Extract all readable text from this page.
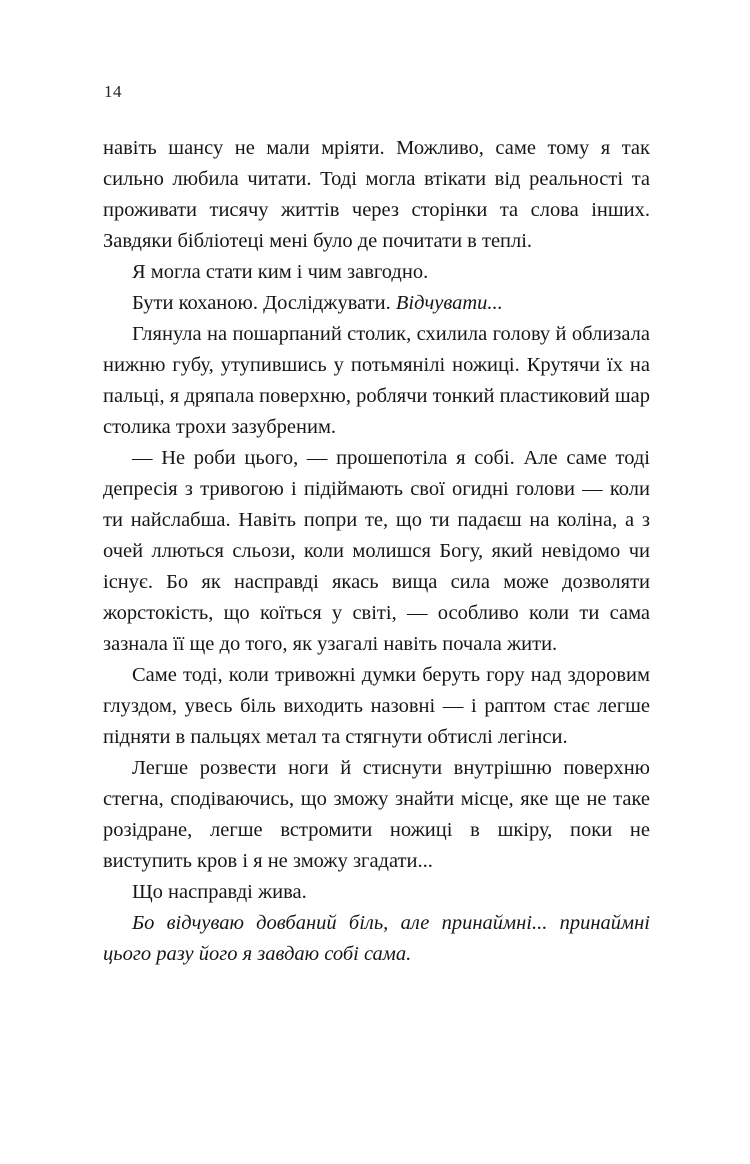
14

навіть шансу не мали мріяти. Можливо, саме тому я так сильно любила читати. Тоді могла втікати від реальності та проживати тисячу життів через сторінки та слова інших. Завдяки бібліотеці мені було де почитати в теплі.

Я могла стати ким і чим завгодно.

Бути коханою. Досліджувати. Відчувати...

Глянула на пошарпаний столик, схилила голову й облизала нижню губу, утупившись у потьмянілі ножиці. Крутячи їх на пальці, я дряпала поверхню, роблячи тонкий пластиковий шар столика трохи зазубреним.

— Не роби цього, — прошепотіла я собі. Але саме тоді депресія з тривогою і підіймають свої огидні голови — коли ти найслабша. Навіть попри те, що ти падаєш на коліна, а з очей ллються сльози, коли молишся Богу, який невідомо чи існує. Бо як насправді якась вища сила може дозволяти жорстокість, що коїться у світі, — особливо коли ти сама зазнала її ще до того, як узагалі навіть почала жити.

Саме тоді, коли тривожні думки беруть гору над здоровим глуздом, увесь біль виходить назовні — і раптом стає легше підняти в пальцях метал та стягнути обтислі легінси.

Легше розвести ноги й стиснути внутрішню поверхню стегна, сподіваючись, що зможу знайти місце, яке ще не таке розідране, легше встромити ножиці в шкіру, поки не виступить кров і я не зможу згадати...

Що насправді жива.

Бо відчуваю довбаний біль, але принаймні... принаймні цього разу його я завдаю собі сама.
